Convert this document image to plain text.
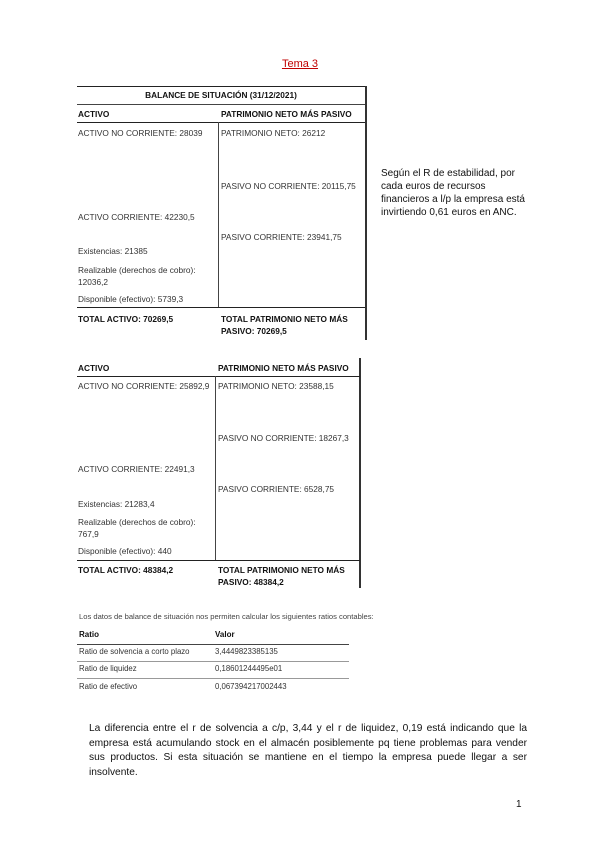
Tema 3
BALANCE DE SITUACIÓN (31/12/2021)
ACTIVO	PATRIMONIO NETO MÁS PASIVO
ACTIVO NO CORRIENTE: 28039 PATRIMONIO NETO: 26212
PASIVO NO CORRIENTE: 20115,75
ACTIVO CORRIENTE: 42230,5
PASIVO CORRIENTE: 23941,75
Existencias: 21385
Realizable (derechos de cobro): 12036,2
Disponible (efectivo): 5739,3
TOTAL ACTIVO: 70269,5	TOTAL PATRIMONIO NETO MÁS PASIVO: 70269,5
Según el R de estabilidad, por cada euros de recursos financieros a l/p la empresa está invirtiendo 0,61 euros en ANC.
ACTIVO	PATRIMONIO NETO MÁS PASIVO
ACTIVO NO CORRIENTE: 25892,9 PATRIMONIO NETO: 23588,15
PASIVO NO CORRIENTE: 18267,3
ACTIVO CORRIENTE: 22491,3
PASIVO CORRIENTE: 6528,75
Existencias: 21283,4
Realizable (derechos de cobro): 767,9
Disponible (efectivo): 440
TOTAL ACTIVO: 48384,2	TOTAL PATRIMONIO NETO MÁS PASIVO: 48384,2
Los datos de balance de situación nos permiten calcular los siguientes ratios contables:
Ratio	Valor
Ratio de solvencia a corto plazo	3,4449823385135
Ratio de liquidez	0,18601244495e01
Ratio de efectivo	0,067394217002443
La diferencia entre el r de solvencia a c/p, 3,44 y el r de liquidez, 0,19 está indicando que la empresa está acumulando stock en el almacén posiblemente pq tiene problemas para vender sus productos. Si esta situación se mantiene en el tiempo la empresa puede llegar a ser insolvente.
1
